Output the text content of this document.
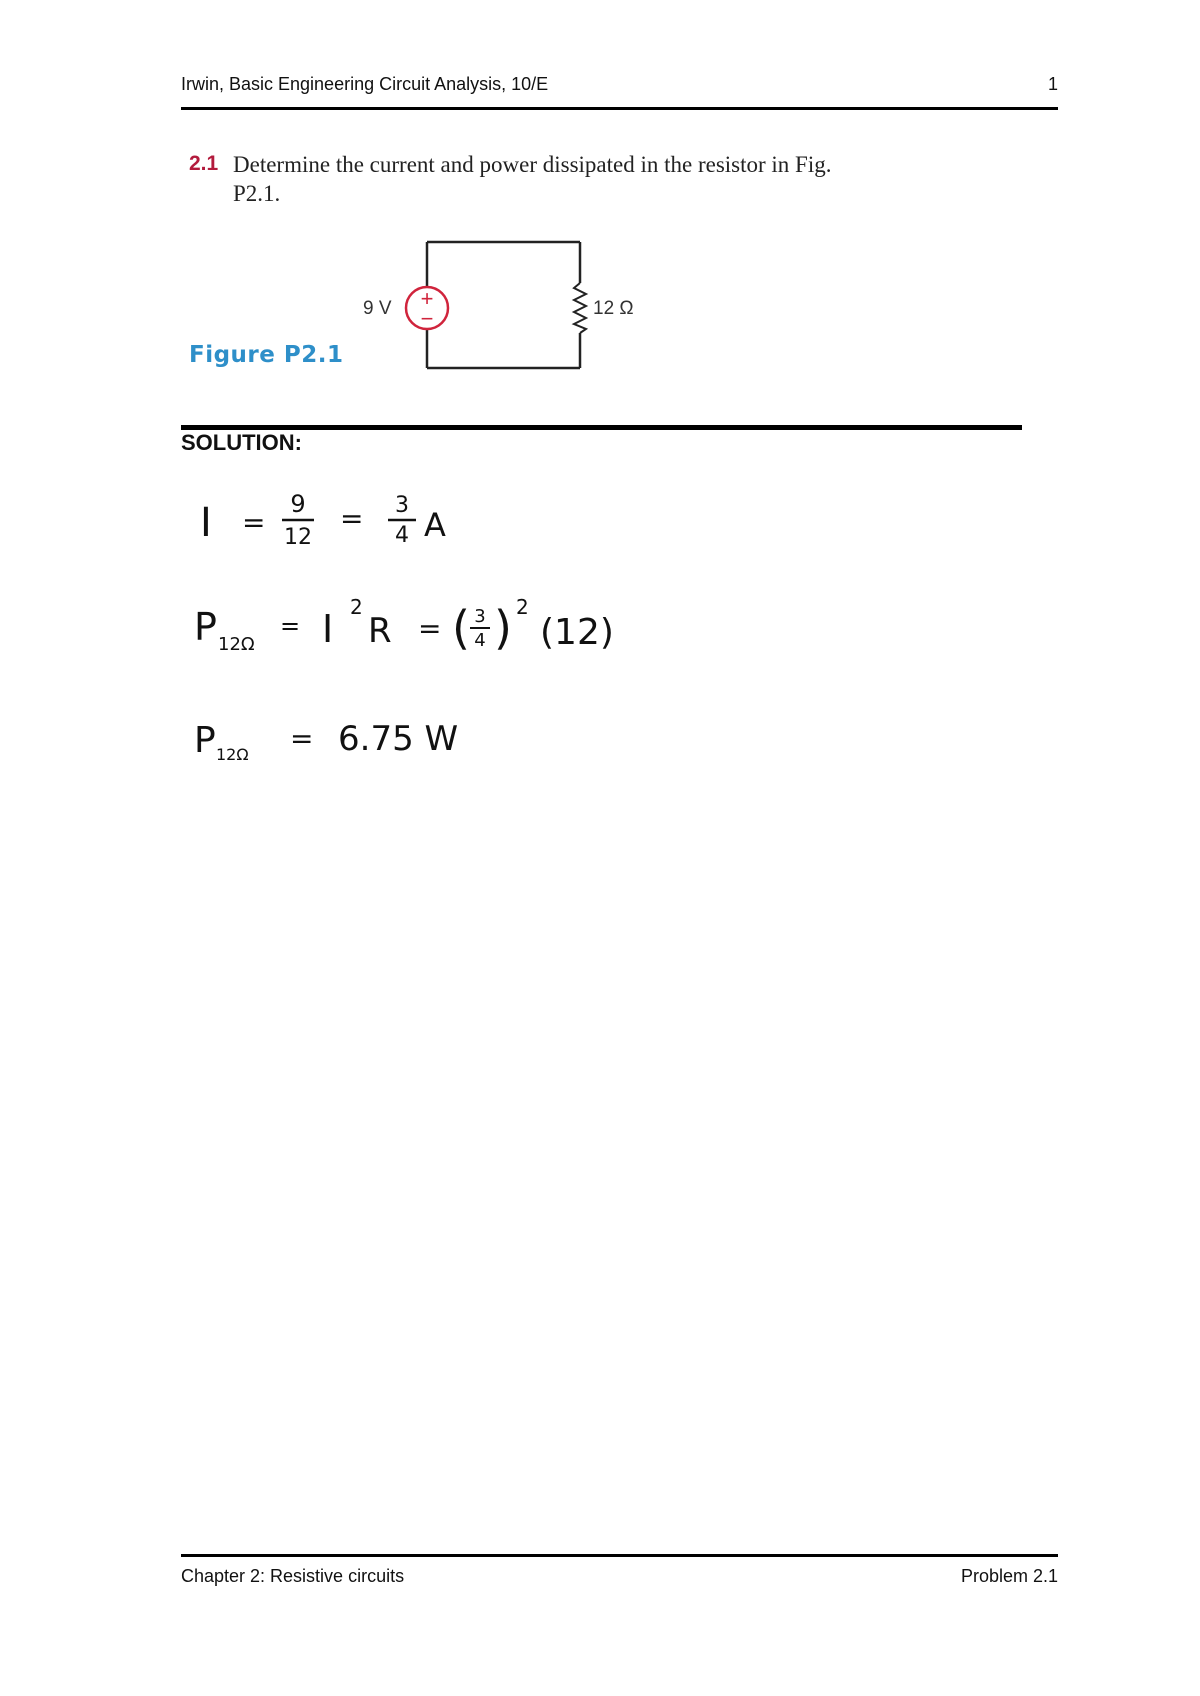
Irwin, Basic Engineering Circuit Analysis, 10/E	1
2.1 Determine the current and power dissipated in the resistor in Fig. P2.1.
Figure P2.1
+
−
9 V	12 Ω
SOLUTION:
I =
9
12
= 3
4 A
P 12Ω
= I 2
R = ( 3
4 ) 2
(12)
P 12Ω = 6.75 W
Chapter 2: Resistive circuits	Problem 2.1
